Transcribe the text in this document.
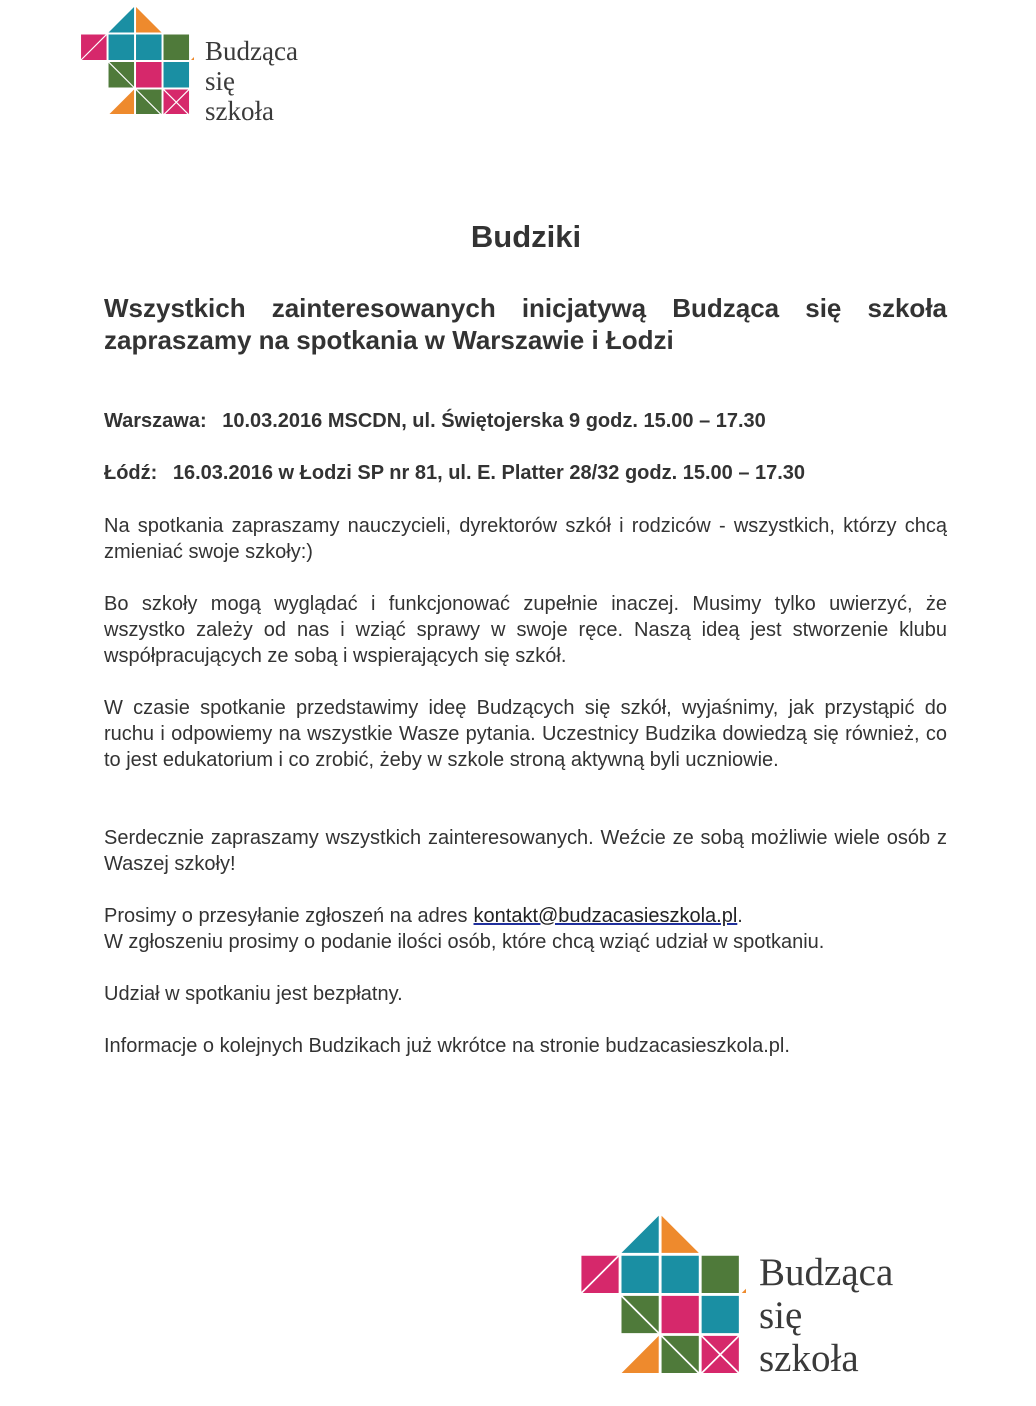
Budząca
się
szkoła
Budziki

Wszystkich zainteresowanych inicjatywą Budząca się szkoła zapraszamy na spotkania w Warszawie i Łodzi

Warszawa: 10.03.2016 MSCDN, ul. Świętojerska 9 godz. 15.00 – 17.30

Łódź: 16.03.2016 w Łodzi SP nr 81, ul. E. Platter 28/32 godz. 15.00 – 17.30

Na spotkania zapraszamy nauczycieli, dyrektorów szkół i rodziców - wszystkich, którzy chcą zmieniać swoje szkoły:)

Bo szkoły mogą wyglądać i funkcjonować zupełnie inaczej. Musimy tylko uwierzyć, że wszystko zależy od nas i wziąć sprawy w swoje ręce. Naszą ideą jest stworzenie klubu współpracujących ze sobą i wspierających się szkół.

W czasie spotkanie przedstawimy ideę Budzących się szkół, wyjaśnimy, jak przystąpić do ruchu i odpowiemy na wszystkie Wasze pytania. Uczestnicy Budzika dowiedzą się również, co to jest edukatorium i co zrobić, żeby w szkole stroną aktywną byli uczniowie.

Serdecznie zapraszamy wszystkich zainteresowanych. Weźcie ze sobą możliwie wiele osób z Waszej szkoły!

Prosimy o przesyłanie zgłoszeń na adres kontakt@budzacasieszkola.pl.
W zgłoszeniu prosimy o podanie ilości osób, które chcą wziąć udział w spotkaniu.

Udział w spotkaniu jest bezpłatny.

Informacje o kolejnych Budzikach już wkrótce na stronie budzacasieszkola.pl.

Budząca
się
szkoła
